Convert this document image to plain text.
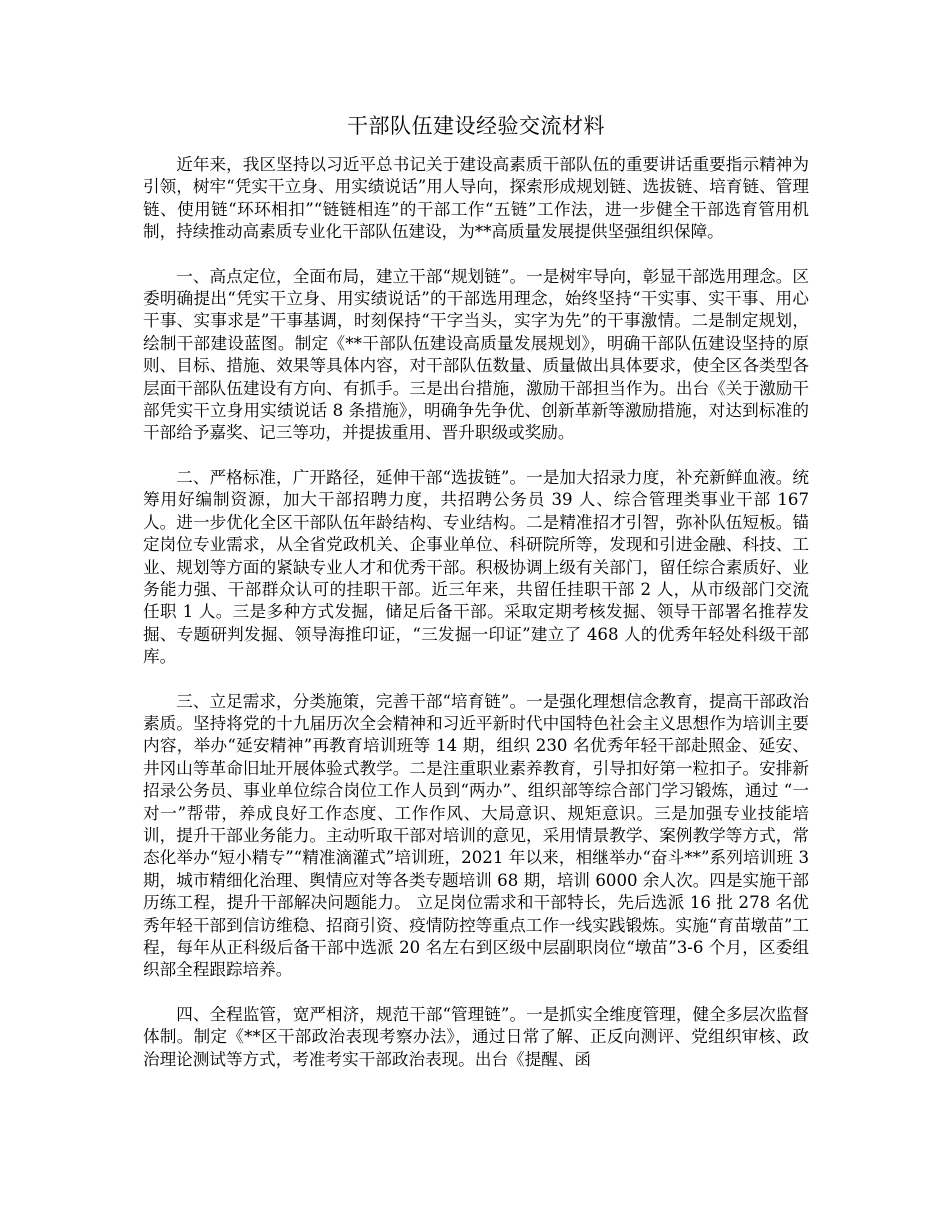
干部队伍建设经验交流材料

近年来，我区坚持以习近平总书记关于建设高素质干部队伍的重要讲话重要指示精神为引领，树牢“凭实干立身、用实绩说话”用人导向，探索形成规划链、选拔链、培育链、管理链、使用链“环环相扣”“链链相连”的干部工作“五链”工作法，进一步健全干部选育管用机制，持续推动高素质专业化干部队伍建设，为**高质量发展提供坚强组织保障。

一、高点定位，全面布局，建立干部“规划链”。一是树牢导向，彰显干部选用理念。区委明确提出“凭实干立身、用实绩说话”的干部选用理念，始终坚持“干实事、实干事、用心干事、实事求是”干事基调，时刻保持“干字当头，实字为先”的干事激情。二是制定规划，绘制干部建设蓝图。制定《**干部队伍建设高质量发展规划》，明确干部队伍建设坚持的原则、目标、措施、效果等具体内容，对干部队伍数量、质量做出具体要求，使全区各类型各层面干部队伍建设有方向、有抓手。三是出台措施，激励干部担当作为。出台《关于激励干部凭实干立身用实绩说话 8 条措施》，明确争先争优、创新革新等激励措施，对达到标准的干部给予嘉奖、记三等功，并提拔重用、晋升职级或奖励。

二、严格标准，广开路径，延伸干部“选拔链”。一是加大招录力度，补充新鲜血液。统筹用好编制资源，加大干部招聘力度，共招聘公务员 39 人、综合管理类事业干部 167 人。进一步优化全区干部队伍年龄结构、专业结构。二是精准招才引智，弥补队伍短板。锚定岗位专业需求，从全省党政机关、企事业单位、科研院所等，发现和引进金融、科技、工业、规划等方面的紧缺专业人才和优秀干部。积极协调上级有关部门，留任综合素质好、业务能力强、干部群众认可的挂职干部。近三年来，共留任挂职干部 2 人，从市级部门交流任职 1 人。三是多种方式发掘，储足后备干部。采取定期考核发掘、领导干部署名推荐发掘、专题研判发掘、领导海推印证，“三发掘一印证”建立了 468 人的优秀年轻处科级干部库。

三、立足需求，分类施策，完善干部“培育链”。一是强化理想信念教育，提高干部政治素质。坚持将党的十九届历次全会精神和习近平新时代中国特色社会主义思想作为培训主要内容，举办“延安精神”再教育培训班等 14 期，组织 230 名优秀年轻干部赴照金、延安、井冈山等革命旧址开展体验式教学。二是注重职业素养教育，引导扣好第一粒扣子。安排新招录公务员、事业单位综合岗位工作人员到“两办”、组织部等综合部门学习锻炼，通过 “一对一”帮带，养成良好工作态度、工作作风、大局意识、规矩意识。三是加强专业技能培训，提升干部业务能力。主动听取干部对培训的意见，采用情景教学、案例教学等方式，常态化举办“短小精专”“精准滴灌式”培训班，2021 年以来，相继举办“奋斗**”系列培训班 3 期，城市精细化治理、舆情应对等各类专题培训 68 期，培训 6000 余人次。四是实施干部历练工程，提升干部解决问题能力。 立足岗位需求和干部特长，先后选派 16 批 278 名优秀年轻干部到信访维稳、招商引资、疫情防控等重点工作一线实践锻炼。实施“育苗墩苗”工程，每年从正科级后备干部中选派 20 名左右到区级中层副职岗位“墩苗”3-6 个月，区委组织部全程跟踪培养。

四、全程监管，宽严相济，规范干部“管理链”。一是抓实全维度管理，健全多层次监督体制。制定《**区干部政治表现考察办法》，通过日常了解、正反向测评、党组织审核、政治理论测试等方式，考准考实干部政治表现。出台《提醒、函
